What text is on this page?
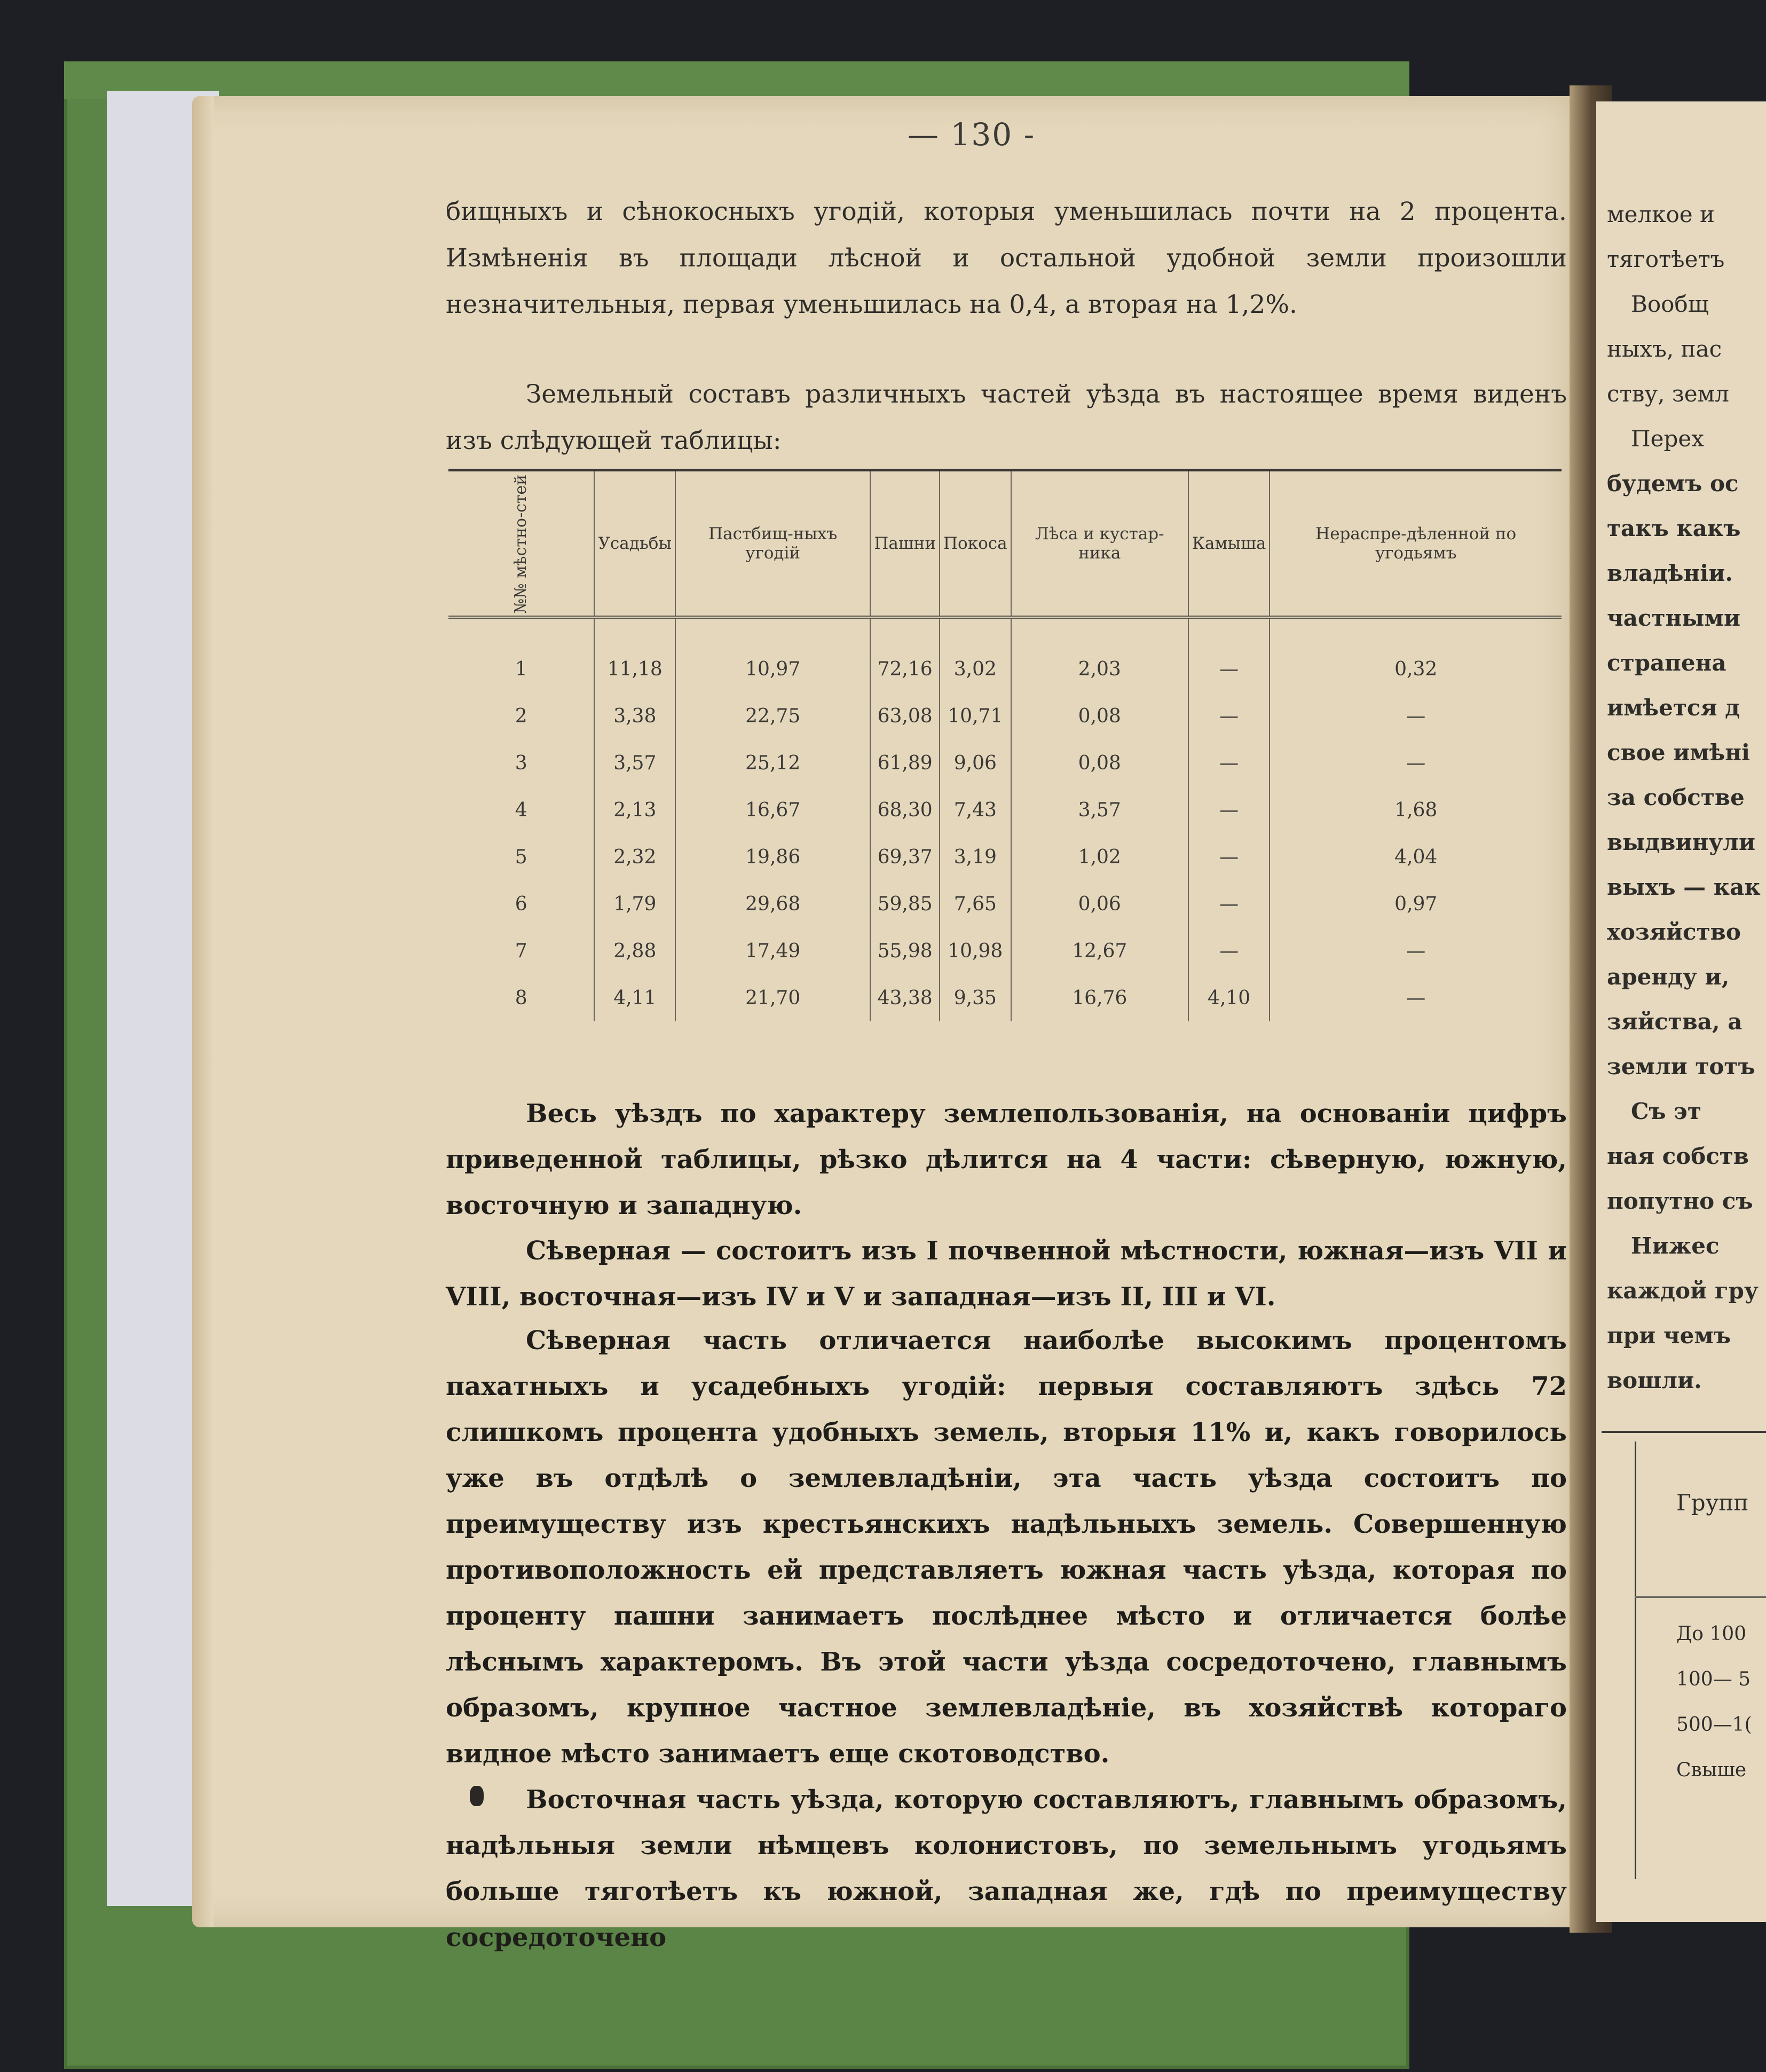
— 130 -

бищныхъ и сѣнокосныхъ угодій, которыя уменьшилась почти на 2 процента. Измѣненія въ площади лѣсной и остальной удобной земли произошли незначительныя, первая уменьшилась на 0,4, а вторая на 1,2%.

Земельный составъ различныхъ частей уѣзда въ настоящее время виденъ изъ слѣдующей таблицы:

№№ мѣстно-стей	Усадьбы	Пастбищ-ныхъ угодій	Пашни	Покоса	Лѣса и кустар-ника	Камыша	Нераспре-дѣленной по угодьямъ
1	11,18	10,97	72,16	3,02	2,03	—	0,32
2	3,38	22,75	63,08	10,71	0,08	—	—
3	3,57	25,12	61,89	9,06	0,08	—	—
4	2,13	16,67	68,30	7,43	3,57	—	1,68
5	2,32	19,86	69,37	3,19	1,02	—	4,04
6	1,79	29,68	59,85	7,65	0,06	—	0,97
7	2,88	17,49	55,98	10,98	12,67	—	—
8	4,11	21,70	43,38	9,35	16,76	4,10	—

Весь уѣздъ по характеру землепользованія, на основаніи цифръ приведенной таблицы, рѣзко дѣлится на 4 части: сѣверную, южную, восточную и западную.

Сѣверная — состоитъ изъ I почвенной мѣстности, южная—изъ VII и VIII, восточная—изъ IV и V и западная—изъ II, III и VI.

Сѣверная часть отличается наиболѣе высокимъ процентомъ пахатныхъ и усадебныхъ угодій: первыя составляютъ здѣсь 72 слишкомъ процента удобныхъ земель, вторыя 11% и, какъ говорилось уже въ отдѣлѣ о землевладѣніи, эта часть уѣзда состоитъ по преимуществу изъ крестьянскихъ надѣльныхъ земель. Совершенную противоположность ей представляетъ южная часть уѣзда, которая по проценту пашни занимаетъ послѣднее мѣсто и отличается болѣе лѣснымъ характеромъ. Въ этой части уѣзда сосредоточено, главнымъ образомъ, крупное частное землевладѣніе, въ хозяйствѣ котораго видное мѣсто занимаетъ еще скотоводство.

Восточная часть уѣзда, которую составляютъ, главнымъ образомъ, надѣльныя земли нѣмцевъ колонистовъ, по земельнымъ угодьямъ больше тяготѣетъ къ южной, западная же, гдѣ по преимуществу сосредоточено

мелкое и

тяготѣетъ

Вообщ

ныхъ, пас

ству, земл

Перех

будемъ ос

такъ какъ

владѣніи.

частными

страпена

имѣется д

свое имѣні

за собстве

выдвинули

выхъ — как

хозяйство

аренду и,

зяйства, а

земли тотъ

Съ эт

ная собств

попутно съ

Нижес

каждой гру

при чемъ

вошли.

Групп
До 100
100— 5
500—1(
Свыше
